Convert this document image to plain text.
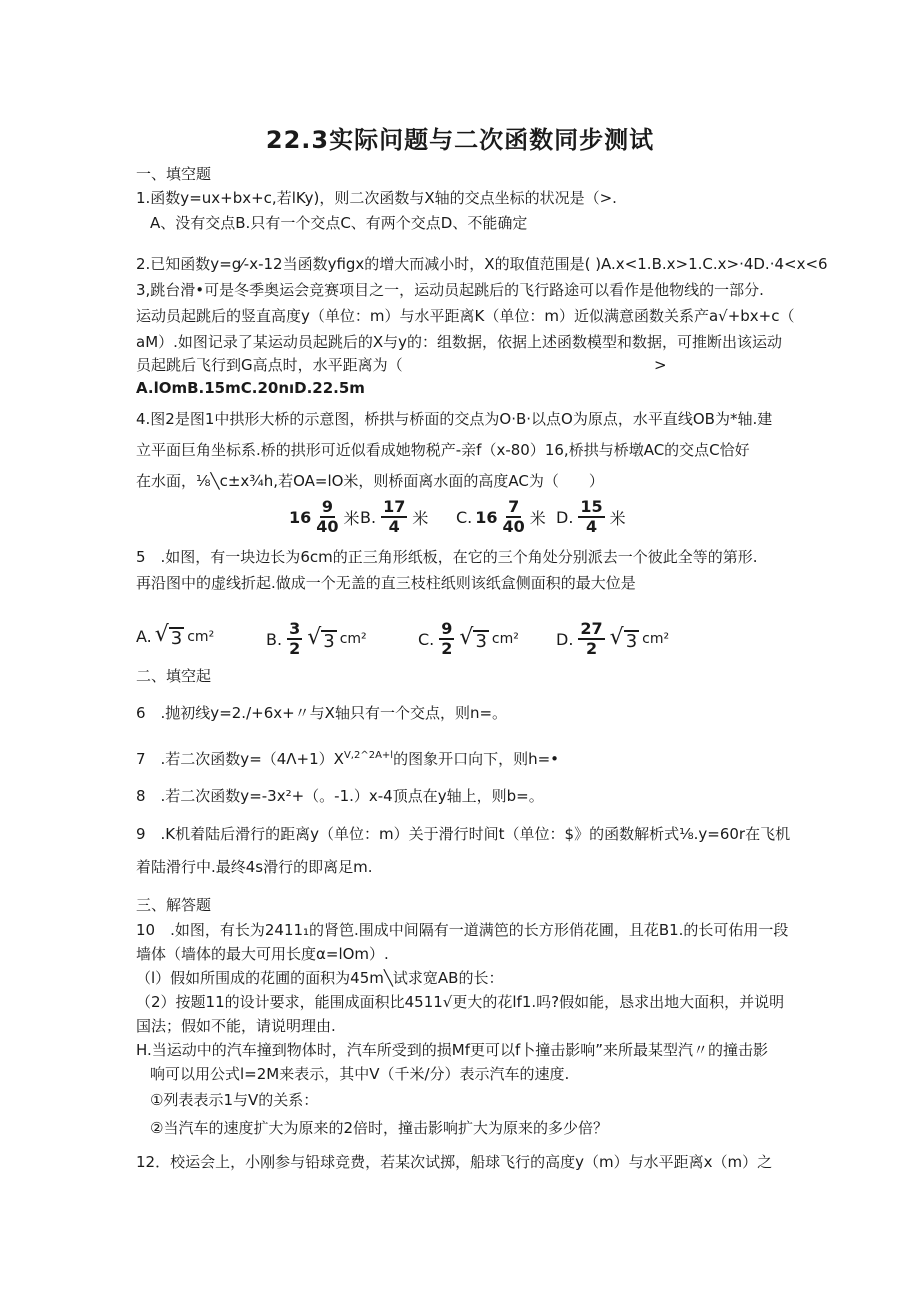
22.3实际问题与二次函数同步测试
一、填空题
1.函数y=ux+bx+c,若lKy)，则二次函数与X轴的交点坐标的状况是（>.
A、没有交点B.只有一个交点C、有两个交点D、不能确定
2.已知函数y=g⁄-x-12当函数yfigx的增大而减小时，X的取值范围是( )A.x<1.B.x>1.C.x>·4D.·4<x<6
3,跳台滑•可是冬季奥运会竞赛项目之一，运动员起跳后的飞行路途可以看作是他物线的一部分.
运动员起跳后的竖直高度y（单位：m）与水平距离K（单位：m）近似满意函数关系产a√+bx+c（
aM）.如图记录了某运动员起跳后的X与y的：组数据，依据上述函数模型和数据，可推断出该运动
员起跳后飞行到G高点时，水平距离为（	>
A.lOmB.15mC.20nıD.22.5m
4.图2是图1中拱形大桥的示意图，桥拱与桥面的交点为O·B·以点O为原点，水平直线OB为*轴.建
立平面巨角坐标系.桥的拱形可近似看成她物税产-亲f（x-80）16,桥拱与桥墩AC的交点C恰好
在水面，⅛╲c±x¾h,若OA=lO米，则桥面离水面的高度AC为（　　）
$16 \frac{9}{40}$ 米 B. $\frac{17}{4}$ 米 C. $16 \frac{7}{40}$ 米 D. $\frac{15}{4}$ 米
5　.如图，有一块边长为6cm的正三角形纸板，在它的三个角处分别派去一个彼此全等的第形.
再沿图中的虚线折起.做成一个无盖的直三枝柱纸则该纸盒侧面积的最大位是
A. √ 3 cm²	B. $\frac{3}{2}$ √ 3 cm²	C. $\frac{9}{2}$ √ 3 cm² D. $\frac{27}{2}$ √ 3 cm²
二、填空起
6　.抛初线y=2./+6x+〃与X轴只有一个交点，则n=。
7　.若二次函数$y=(4\Lambda+1)X^{V,2\^{}2A+l}$的图象开口向下，则h=•
8　.若二次函数y=-3x²+（。-1.）x-4顶点在y轴上，则b=。
9　.K机着陆后滑行的距离y（单位：m）关于滑行时间t（单位：$》的函数解析式⅛.y=60r在飞机
着陆滑行中.最终4s滑行的即离足m.
三、解答题
10　.如图，有长为2411₁的肾笆.围成中间隔有一道满笆的长方形俏花圃，且花B1.的长可佑用一段
墙体（墙体的最大可用长度α=lOm）.
（l）假如所围成的花圃的面积为45m╲试求宽AB的长：
（2）按题11的设计要求，能围成面积比4511√更大的花lf1.吗?假如能，恳求出地大面积，并说明
国法；假如不能，请说明理由.
H.当运动中的汽车撞到物体时，汽车所受到的损Mf更可以f卜撞击影响”来所最某型汽〃的撞击影
响可以用公式l=2M来表示，其中V（千米/分）表示汽车的速度.
①列表表示1与V的关系：
②当汽车的速度扩大为原来的2倍时，撞击影响扩大为原来的多少倍？
12．校运会上，小刚参与铅球竞费，若某次试掷，船球飞行的高度y（m）与水平距离x（m）之
